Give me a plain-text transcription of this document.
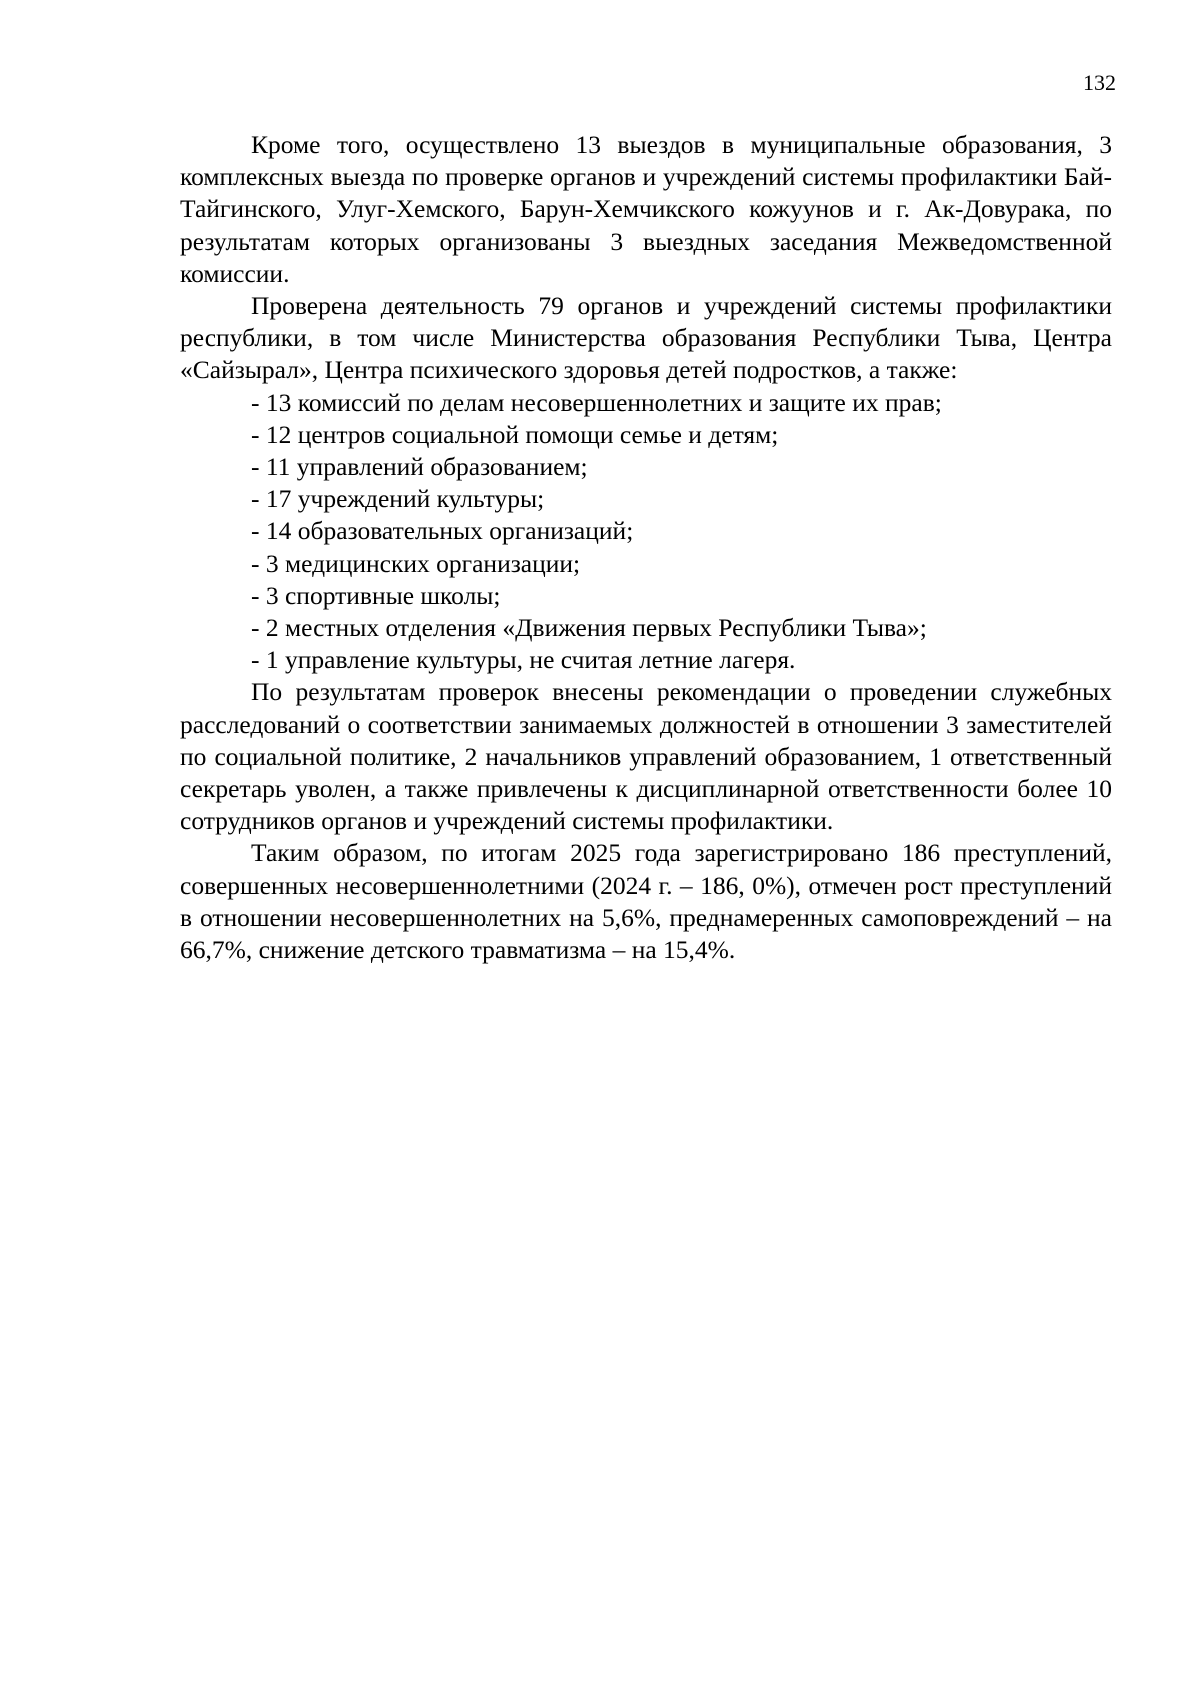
132

Кроме того, осуществлено 13 выездов в муниципальные образования, 3 комплексных выезда по проверке органов и учреждений системы профилактики Бай-Тайгинского, Улуг-Хемского, Барун-Хемчикского кожуунов и г. Ак-Довурака, по результатам которых организованы 3 выездных заседания Межведомственной комиссии.

Проверена деятельность 79 органов и учреждений системы профилактики республики, в том числе Министерства образования Республики Тыва, Центра «Сайзырал», Центра психического здоровья детей подростков, а также:

- 13 комиссий по делам несовершеннолетних и защите их прав;
- 12 центров социальной помощи семье и детям;
- 11 управлений образованием;
- 17 учреждений культуры;
- 14 образовательных организаций;
- 3 медицинских организации;
- 3 спортивные школы;
- 2 местных отделения «Движения первых Республики Тыва»;
- 1 управление культуры, не считая летние лагеря.

По результатам проверок внесены рекомендации о проведении служебных расследований о соответствии занимаемых должностей в отношении 3 заместителей по социальной политике, 2 начальников управлений образованием, 1 ответственный секретарь уволен, а также привлечены к дисциплинарной ответственности более 10 сотрудников органов и учреждений системы профилактики.

Таким образом, по итогам 2025 года зарегистрировано 186 преступлений, совершенных несовершеннолетними (2024 г. – 186, 0%), отмечен рост преступлений в отношении несовершеннолетних на 5,6%, преднамеренных самоповреждений – на 66,7%, снижение детского травматизма – на 15,4%.
